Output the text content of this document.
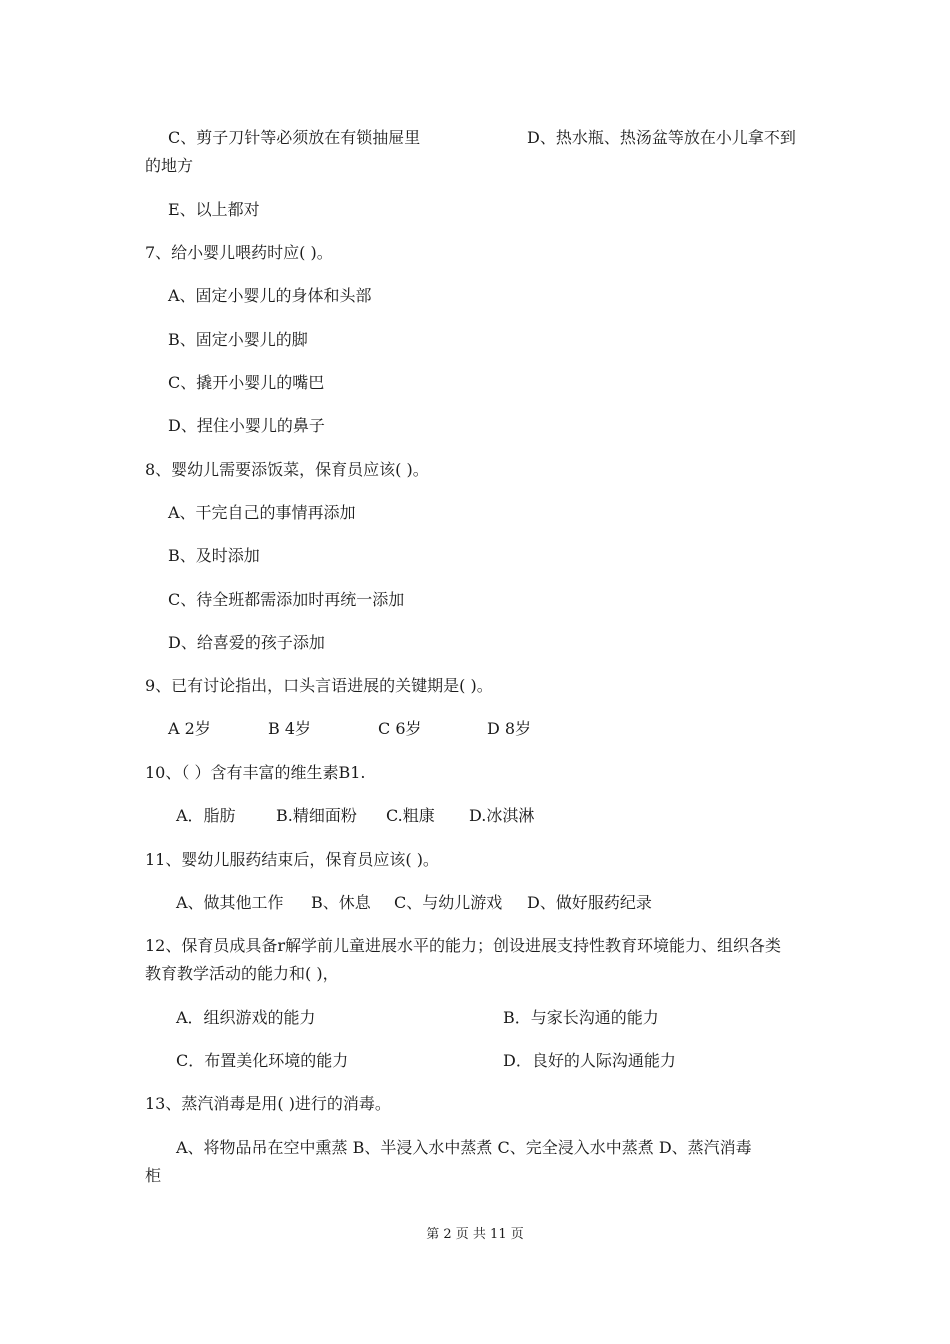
C、剪子刀针等必须放在有锁抽屉里	D、热水瓶、热汤盆等放在小儿拿不到
的地方
E、以上都对
7、给小婴儿喂药时应( )。
A、固定小婴儿的身体和头部
B、固定小婴儿的脚
C、撬开小婴儿的嘴巴
D、捏住小婴儿的鼻子
8、婴幼儿需要添饭菜，保育员应该( )。
A、干完自己的事情再添加
B、及时添加
C、待全班都需添加时再统一添加
D、给喜爱的孩子添加
9、已有讨论指出，口头言语进展的关键期是( )。
A 2岁	B 4岁	C 6岁	D 8岁
10、（ ）含有丰富的维生素B1.
A．脂肪	B.精细面粉 C.粗康 D.冰淇淋
11、婴幼儿服药结束后，保育员应该( )。
A、做其他工作 B、休息 C、与幼儿游戏 D、做好服药纪录
12、保育员成具备r解学前儿童进展水平的能力；创设进展支持性教育环境能力、组织各类
教育教学活动的能力和( )，
A．组织游戏的能力	B．与家长沟通的能力
C．布置美化环境的能力	D．良好的人际沟通能力
13、蒸汽消毒是用( )进行的消毒。
A、将物品吊在空中熏蒸 B、半浸入水中蒸煮 C、完全浸入水中蒸煮 D、蒸汽消毒
柜
第 2 页 共 11 页
